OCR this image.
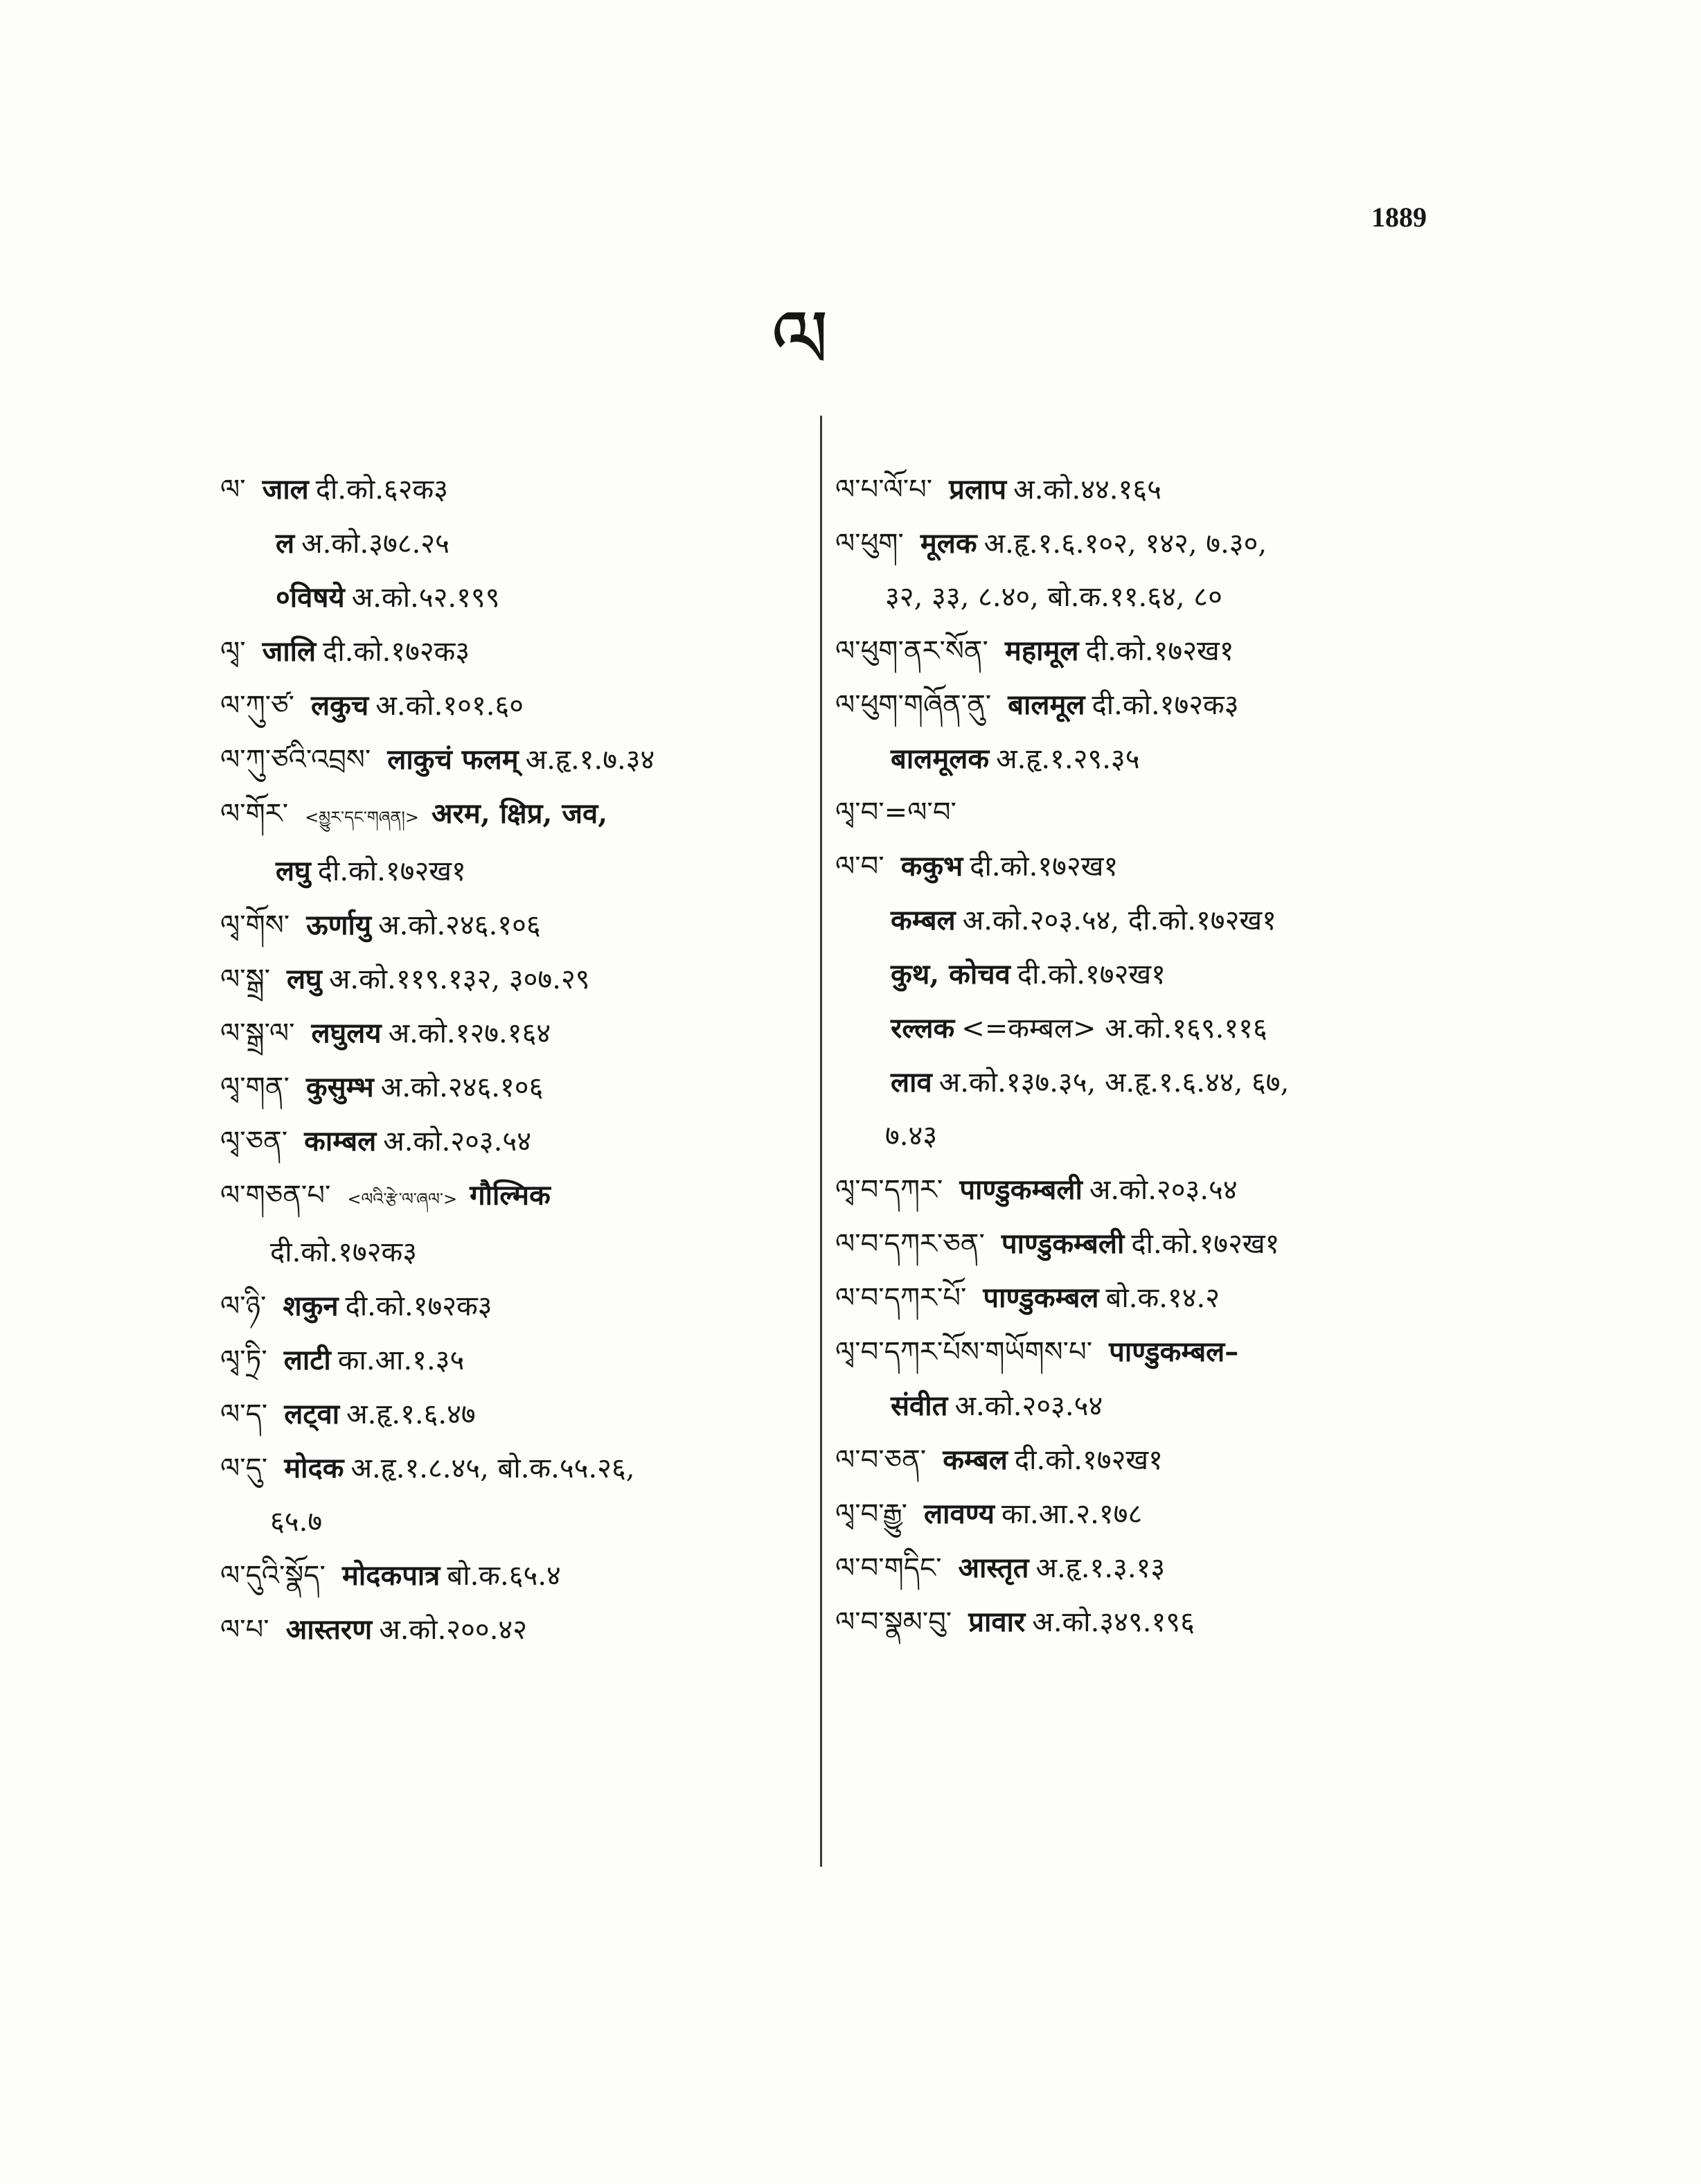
1889
ལ
ལ་ जाल दी.को.६२क३
ल अ.को.३७८.२५
०विषये अ.को.५२.१९९
ལྭ་ जालि दी.को.१७२क३
ལ་ཀུ་ཙ་ लकुच अ.को.१०१.६०
ལ་ཀུ་ཙའི་འབྲས་ लाकुचं फलम् अ.हृ.१.७.३४
ལ་གོར་ <མྱུར་དང་གཞན།> अरम, क्षिप्र, जव,
लघु दी.को.१७२ख१
ལྭ་གོས་ ऊर्णायु अ.को.२४६.१०६
ལ་སྒྲ་ लघु अ.को.११९.१३२, ३०७.२९
ལ་སྒྲ་ལ་ लघुलय अ.को.१२७.१६४
ལྭ་གན་ कुसुम्भ अ.को.२४६.१०६
ལྭ་ཅན་ काम्बल अ.को.२०३.५४
ལ་གཅན་པ་ <ལའི་རྩེ་ལ་ཞལ་> गौल्मिक
दी.को.१७२क३
ལ་ཉི་ शकुन दी.को.१७२क३
ལྭ་ཏྲི་ लाटी का.आ.१.३५
ལ་ད་ लट्वा अ.हृ.१.६.४७
ལ་དུ་ मोदक अ.हृ.१.८.४५, बो.क.५५.२६,
६५.७
ལ་དུའི་སྣོད་ मोदकपात्र बो.क.६५.४
ལ་པ་ आस्तरण अ.को.२००.४२
ལ་པ་ལོ་པ་ प्रलाप अ.को.४४.१६५
ལ་ཕུག་ मूलक अ.हृ.१.६.१०२, १४२, ७.३०,
३२, ३३, ८.४०, बो.क.११.६४, ८०
ལ་ཕུག་ནར་སོན་ महामूल दी.को.१७२ख१
ལ་ཕུག་གཞོན་ནུ་ बालमूल दी.को.१७२क३
बालमूलक अ.हृ.१.२९.३५
ལྭ་བ་=ལ་བ་
ལ་བ་ ककुभ दी.को.१७२ख१
कम्बल अ.को.२०३.५४, दी.को.१७२ख१
कुथ, कोचव दी.को.१७२ख१
रल्लक <=कम्बल> अ.को.१६९.११६
लाव अ.को.१३७.३५, अ.हृ.१.६.४४, ६७,
७.४३
ལྭ་བ་དཀར་ पाण्डुकम्बली अ.को.२०३.५४
ལ་བ་དཀར་ཅན་ पाण्डुकम्बली दी.को.१७२ख१
ལ་བ་དཀར་པོ་ पाण्डुकम्बल बो.क.१४.२
ལྭ་བ་དཀར་པོས་གཡོགས་པ་ पाण्डुकम्बल–
संवीत अ.को.२०३.५४
ལ་བ་ཅན་ कम्बल दी.को.१७२ख१
ལྭ་བ་རྒྱུ་ लावण्य का.आ.२.१७८
ལ་བ་གདིང་ आस्तृत अ.हृ.१.३.१३
ལ་བ་སྣམ་བུ་ प्रावार अ.को.३४९.१९६
